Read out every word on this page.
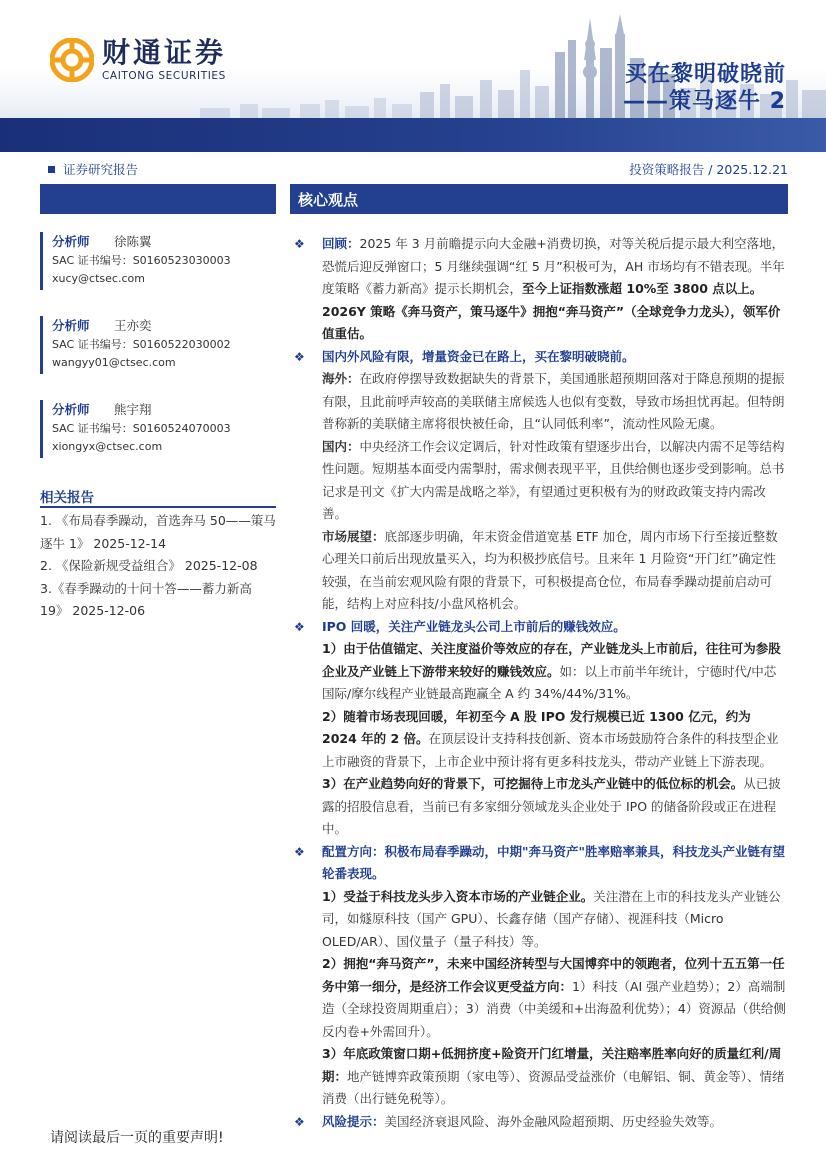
财通证券
CAITONG SECURITIES	买在黎明破晓前
——策马逐牛 2
证券研究报告	投资策略报告 / 2025.12.21
分析师 徐陈翼
SAC 证书编号：S0160523030003
xucy@ctsec.com
分析师 王亦奕
SAC 证书编号：S0160522030002
wangyy01@ctsec.com
分析师 熊宇翔
SAC 证书编号：S0160524070003
xiongyx@ctsec.com
相关报告
1. 《布局春季躁动，首选奔马 50——策马逐牛 1》 2025-12-14
2. 《保险新规受益组合》 2025-12-08
3.《春季躁动的十问十答——蓄力新高 19》 2025-12-06
核心观点
❖ 回顾：2025 年 3 月前瞻提示向大金融+消费切换，对等关税后提示最大利空落地，恐慌后迎反弹窗口；5 月继续强调“红 5 月”积极可为，AH 市场均有不错表现。半年度策略《蓄力新高》提示长期机会，至今上证指数涨超 10%至 3800 点以上。2026Y 策略《奔马资产，策马逐牛》拥抱“奔马资产”（全球竞争力龙头），领军价值重估。
❖ 国内外风险有限，增量资金已在路上，买在黎明破晓前。
海外：在政府停摆导致数据缺失的背景下，美国通胀超预期回落对于降息预期的提振有限，且此前呼声较高的美联储主席候选人也似有变数，导致市场担忧再起。但特朗普称新的美联储主席将很快被任命，且“认同低利率”，流动性风险无虞。
国内：中央经济工作会议定调后，针对性政策有望逐步出台，以解决内需不足等结构性问题。短期基本面受内需掣肘，需求侧表现平平，且供给侧也逐步受到影响。总书记求是刊文《扩大内需是战略之举》，有望通过更积极有为的财政政策支持内需改善。
市场展望：底部逐步明确，年末资金借道宽基 ETF 加仓，周内市场下行至接近整数心理关口前后出现放量买入，均为积极抄底信号。且来年 1 月险资“开门红”确定性较强，在当前宏观风险有限的背景下，可积极提高仓位，布局春季躁动提前启动可能，结构上对应科技/小盘风格机会。
❖ IPO 回暖，关注产业链龙头公司上市前后的赚钱效应。
1）由于估值锚定、关注度溢价等效应的存在，产业链龙头上市前后，往往可为参股企业及产业链上下游带来较好的赚钱效应。如：以上市前半年统计，宁德时代/中芯国际/摩尔线程产业链最高跑赢全 A 约 34%/44%/31%。
2）随着市场表现回暖，年初至今 A 股 IPO 发行规模已近 1300 亿元，约为 2024 年的 2 倍。在顶层设计支持科技创新、资本市场鼓励符合条件的科技型企业上市融资的背景下，上市企业中预计将有更多科技龙头，带动产业链上下游表现。
3）在产业趋势向好的背景下，可挖掘待上市龙头产业链中的低位标的机会。从已披露的招股信息看，当前已有多家细分领域龙头企业处于 IPO 的储备阶段或正在进程中。
❖ 配置方向：积极布局春季躁动，中期"奔马资产"胜率赔率兼具，科技龙头产业链有望轮番表现。
1）受益于科技龙头步入资本市场的产业链企业。关注潜在上市的科技龙头产业链公司，如燧原科技（国产 GPU）、长鑫存储（国产存储）、视涯科技（Micro OLED/AR）、国仪量子（量子科技）等。
2）拥抱“奔马资产”，未来中国经济转型与大国博弈中的领跑者，位列十五五第一任务中第一细分，是经济工作会议更受益方向：1）科技（AI 强产业趋势）；2）高端制造（全球投资周期重启）；3）消费（中美缓和+出海盈利优势）；4）资源品（供给侧反内卷+外需回升）。
3）年底政策窗口期+低拥挤度+险资开门红增量，关注赔率胜率向好的质量红利/周期：地产链博弈政策预期（家电等）、资源品受益涨价（电解铝、铜、黄金等）、情绪消费（出行链免税等）。
❖ 风险提示：美国经济衰退风险、海外金融风险超预期、历史经验失效等。
请阅读最后一页的重要声明!
